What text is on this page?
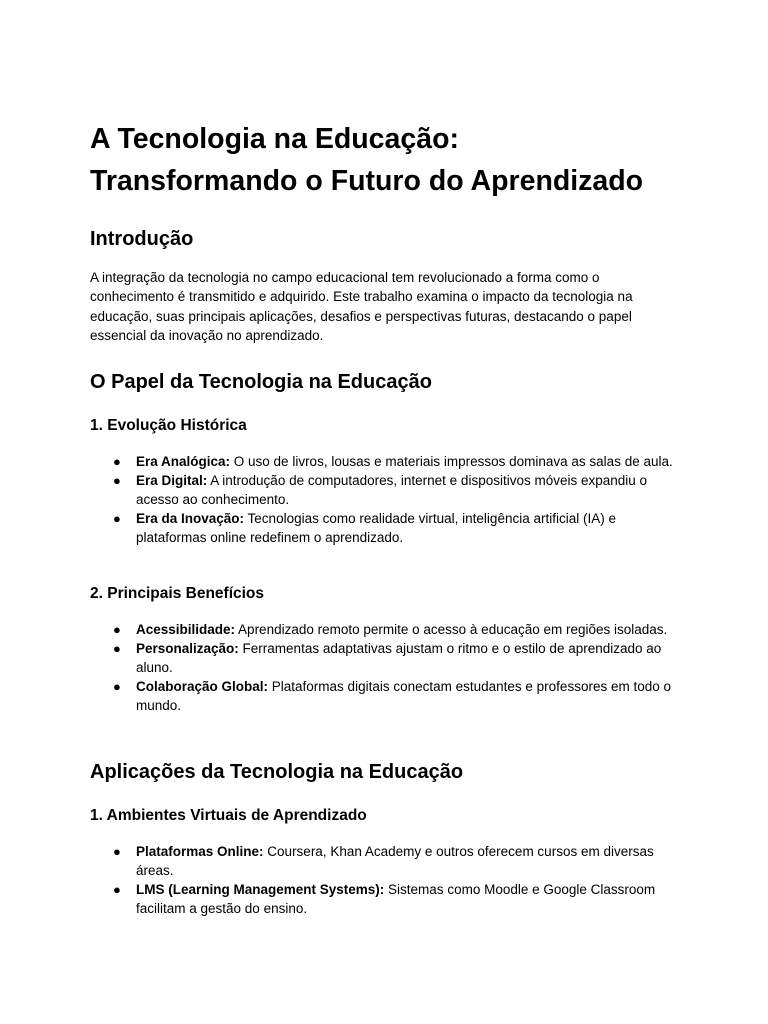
A Tecnologia na Educação:
Transformando o Futuro do Aprendizado
Introdução

A integração da tecnologia no campo educacional tem revolucionado a forma como o conhecimento é transmitido e adquirido. Este trabalho examina o impacto da tecnologia na educação, suas principais aplicações, desafios e perspectivas futuras, destacando o papel essencial da inovação no aprendizado.

O Papel da Tecnologia na Educação
1. Evolução Histórica
● Era Analógica: O uso de livros, lousas e materiais impressos dominava as salas de aula.
● Era Digital: A introdução de computadores, internet e dispositivos móveis expandiu o acesso ao conhecimento.
● Era da Inovação: Tecnologias como realidade virtual, inteligência artificial (IA) e plataformas online redefinem o aprendizado.
2. Principais Benefícios
● Acessibilidade: Aprendizado remoto permite o acesso à educação em regiões isoladas.
● Personalização: Ferramentas adaptativas ajustam o ritmo e o estilo de aprendizado ao aluno.
● Colaboração Global: Plataformas digitais conectam estudantes e professores em todo o mundo.
Aplicações da Tecnologia na Educação
1. Ambientes Virtuais de Aprendizado
● Plataformas Online: Coursera, Khan Academy e outros oferecem cursos em diversas áreas.
● LMS (Learning Management Systems): Sistemas como Moodle e Google Classroom facilitam a gestão do ensino.
